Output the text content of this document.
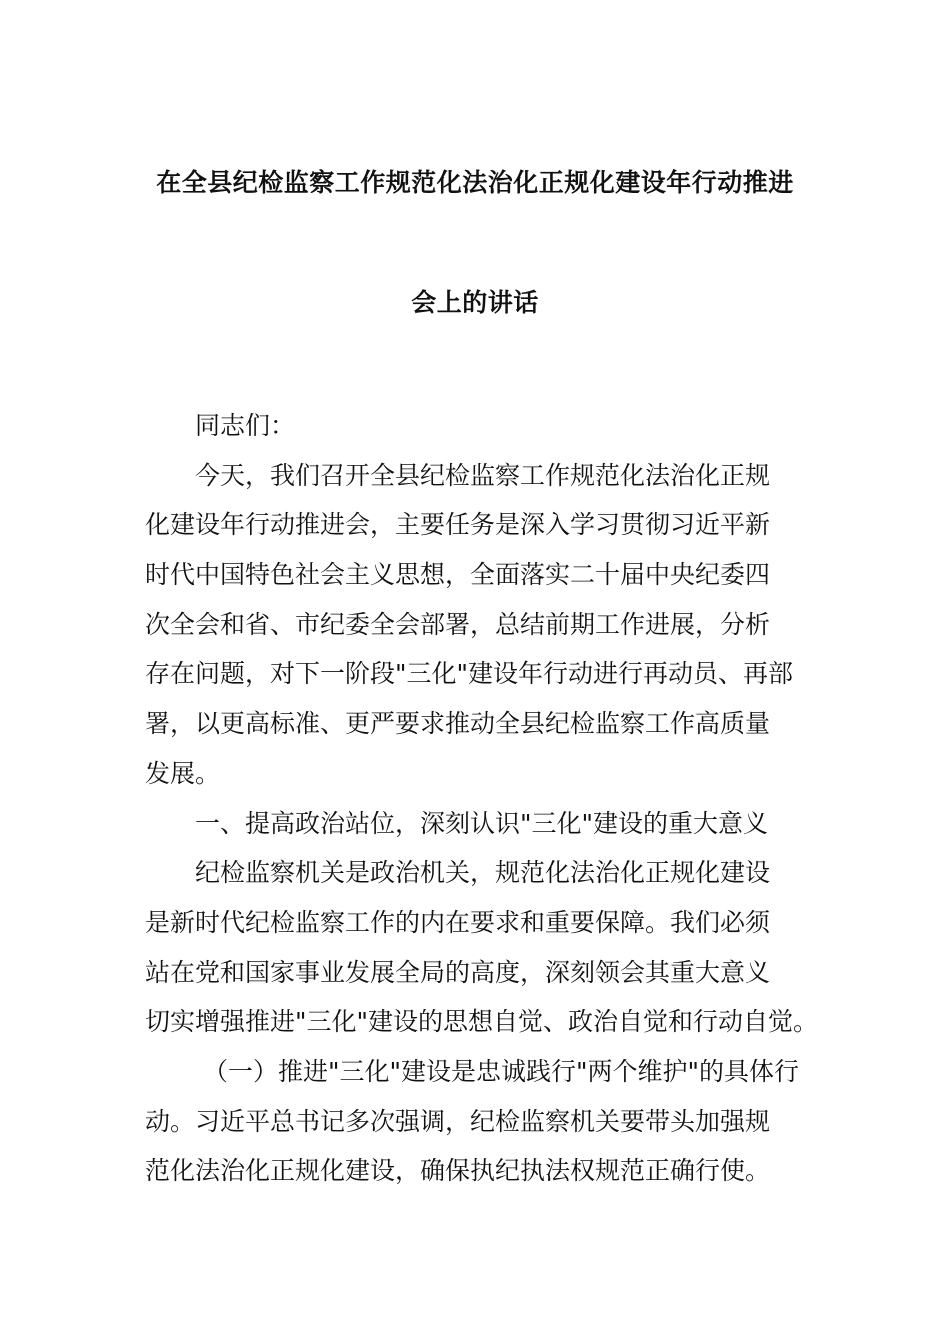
在全县纪检监察工作规范化法治化正规化建设年行动推进
会上的讲话
同志们：
今天，我们召开全县纪检监察工作规范化法治化正规
化建设年行动推进会，主要任务是深入学习贯彻习近平新
时代中国特色社会主义思想，全面落实二十届中央纪委四
次全会和省、市纪委全会部署，总结前期工作进展，分析
存在问题，对下一阶段"三化"建设年行动进行再动员、再部
署，以更高标准、更严要求推动全县纪检监察工作高质量
发展。
一、提高政治站位，深刻认识"三化"建设的重大意义
纪检监察机关是政治机关，规范化法治化正规化建设
是新时代纪检监察工作的内在要求和重要保障。我们必须
站在党和国家事业发展全局的高度，深刻领会其重大意义
切实增强推进"三化"建设的思想自觉、政治自觉和行动自觉。
（一）推进"三化"建设是忠诚践行"两个维护"的具体行
动。习近平总书记多次强调，纪检监察机关要带头加强规
范化法治化正规化建设，确保执纪执法权规范正确行使。
